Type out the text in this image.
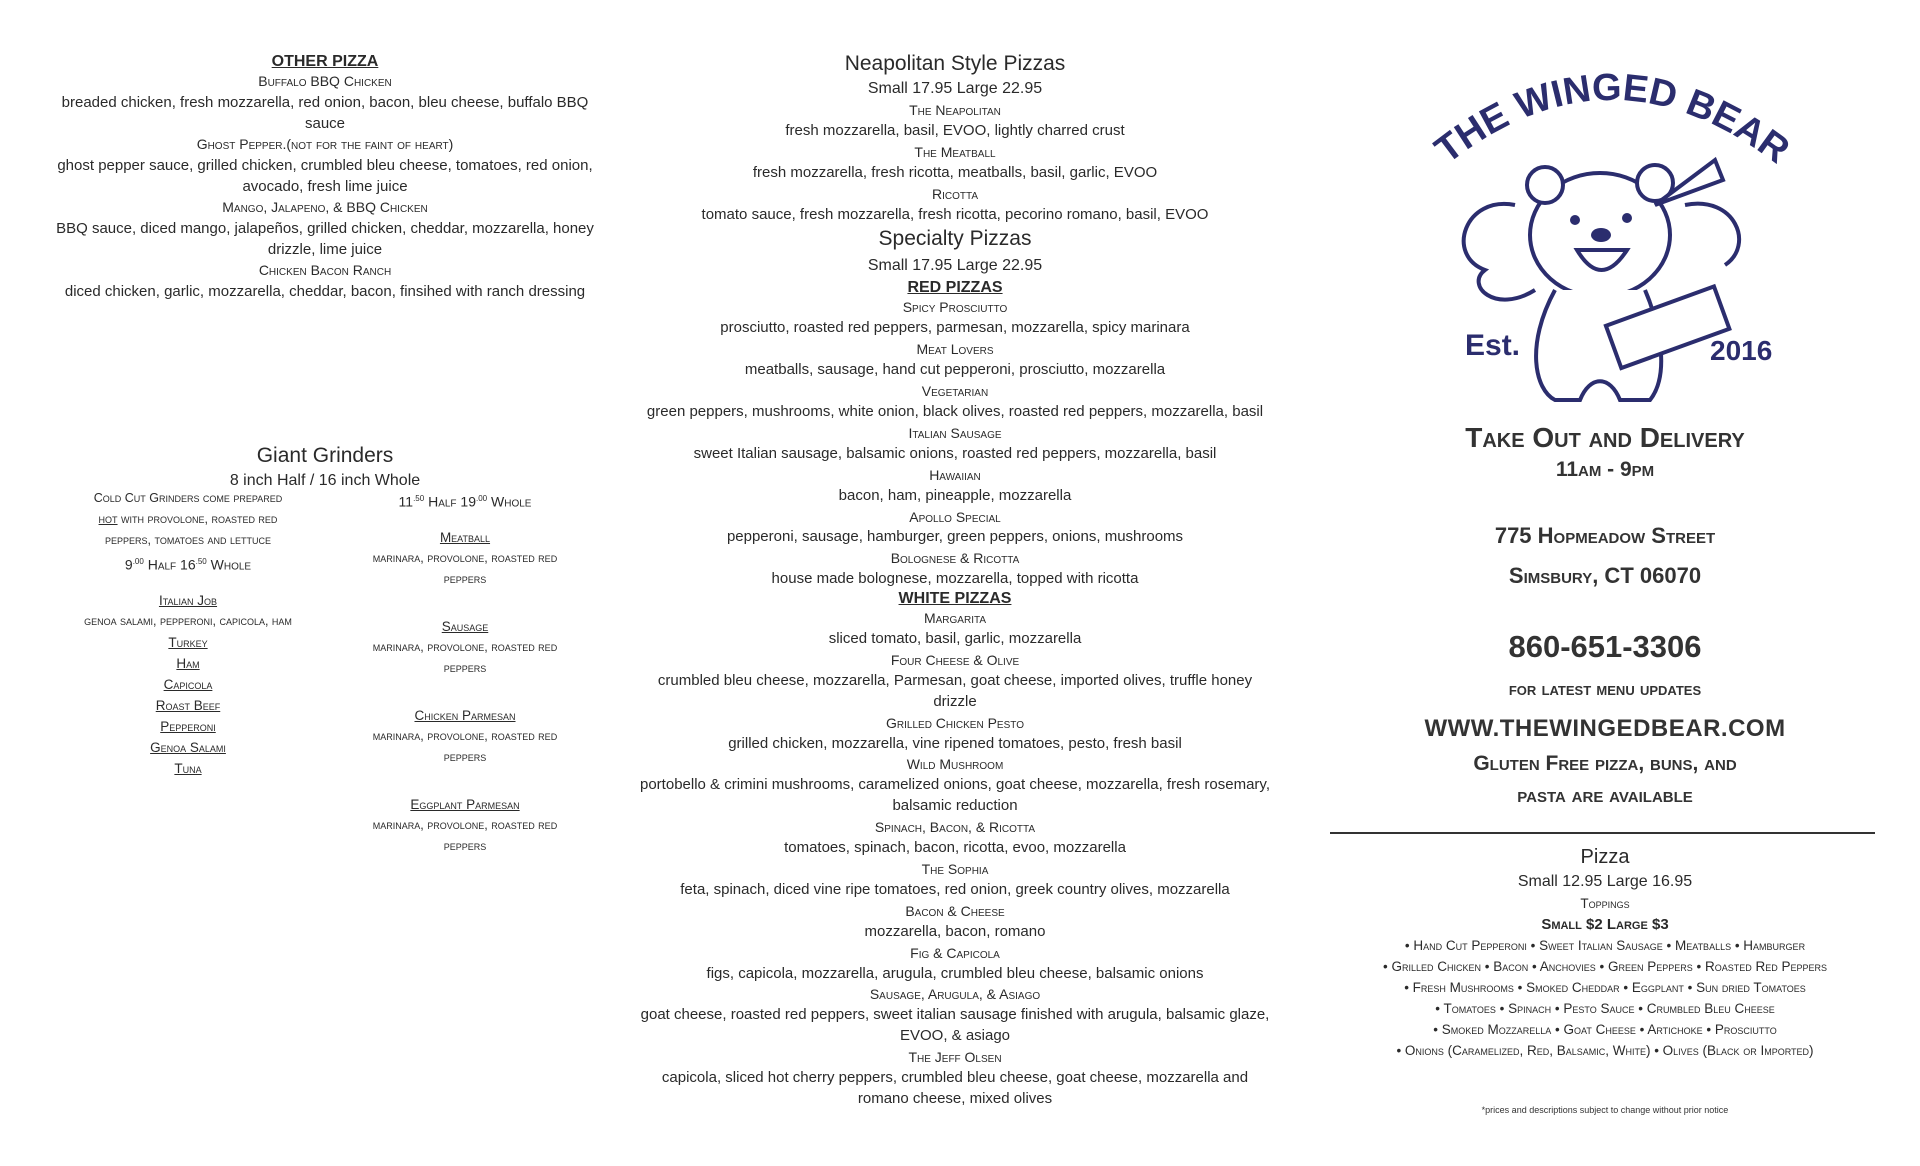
OTHER PIZZA
Buffalo BBQ Chicken
breaded chicken, fresh mozzarella, red onion, bacon, bleu cheese, buffalo BBQ sauce
Ghost Pepper.(not for the faint of heart)
ghost pepper sauce, grilled chicken, crumbled bleu cheese, tomatoes, red onion, avocado, fresh lime juice
Mango, Jalapeno, & BBQ Chicken
BBQ sauce, diced mango, jalapeños, grilled chicken, cheddar, mozzarella, honey drizzle, lime juice
Chicken Bacon Ranch
diced chicken, garlic, mozzarella, cheddar, bacon, finsihed with ranch dressing
Giant Grinders
8 inch Half / 16 inch Whole
Cold Cut Grinders come prepared
hot with provolone, roasted red
peppers, tomatoes and lettuce
$9^{.00}$ Half $16^{.50}$ Whole
Italian Job
genoa salami, pepperoni, capicola, ham
Turkey
Ham
Capicola
Roast Beef
Pepperoni
Genoa Salami
Tuna
$11^{.50}$ Half $19^{.00}$ Whole
Meatball
marinara, provolone, roasted red
peppers
Sausage
marinara, provolone, roasted red
peppers
Chicken Parmesan
marinara, provolone, roasted red
peppers
Eggplant Parmesan
marinara, provolone, roasted red
peppers
Neapolitan Style Pizzas
Small 17.95 Large 22.95
The Neapolitan
fresh mozzarella, basil, EVOO, lightly charred crust
The Meatball
fresh mozzarella, fresh ricotta, meatballs, basil, garlic, EVOO
Ricotta
tomato sauce, fresh mozzarella, fresh ricotta, pecorino romano, basil, EVOO
Specialty Pizzas
Small 17.95 Large 22.95
RED PIZZAS
Spicy Prosciutto
prosciutto, roasted red peppers, parmesan, mozzarella, spicy marinara
Meat Lovers
meatballs, sausage, hand cut pepperoni, prosciutto, mozzarella
Vegetarian
green peppers, mushrooms, white onion, black olives, roasted red peppers, mozzarella, basil
Italian Sausage
sweet Italian sausage, balsamic onions, roasted red peppers, mozzarella, basil
Hawaiian
bacon, ham, pineapple, mozzarella
Apollo Special
pepperoni, sausage, hamburger, green peppers, onions, mushrooms
Bolognese & Ricotta
house made bolognese, mozzarella, topped with ricotta
WHITE PIZZAS
Margarita
sliced tomato, basil, garlic, mozzarella
Four Cheese & Olive
crumbled bleu cheese, mozzarella, Parmesan, goat cheese, imported olives, truffle honey drizzle
Grilled Chicken Pesto
grilled chicken, mozzarella, vine ripened tomatoes, pesto, fresh basil
Wild Mushroom
portobello & crimini mushrooms, caramelized onions, goat cheese, mozzarella, fresh rosemary, balsamic reduction
Spinach, Bacon, & Ricotta
tomatoes, spinach, bacon, ricotta, evoo, mozzarella
The Sophia
feta, spinach, diced vine ripe tomatoes, red onion, greek country olives, mozzarella
Bacon & Cheese
mozzarella, bacon, romano
Fig & Capicola
figs, capicola, mozzarella, arugula, crumbled bleu cheese, balsamic onions
Sausage, Arugula, & Asiago
goat cheese, roasted red peppers, sweet italian sausage finished with arugula, balsamic glaze, EVOO, & asiago
The Jeff Olsen
capicola, sliced hot cherry peppers, crumbled bleu cheese, goat cheese, mozzarella and romano cheese, mixed olives
THE WINGED BEAR
Est.	2016
Take Out and Delivery
11am - 9pm
775 Hopmeadow Street
Simsbury, CT 06070
860-651-3306
for latest menu updates
WWW.THEWINGEDBEAR.COM
Gluten Free pizza, buns, and
pasta are available
Pizza
Small 12.95 Large 16.95
Toppings
Small $2 Large $3
• Hand Cut Pepperoni • Sweet Italian Sausage • Meatballs • Hamburger
• Grilled Chicken • Bacon • Anchovies • Green Peppers • Roasted Red Peppers
• Fresh Mushrooms • Smoked Cheddar • Eggplant • Sun dried Tomatoes
• Tomatoes • Spinach • Pesto Sauce • Crumbled Bleu Cheese
• Smoked Mozzarella • Goat Cheese • Artichoke • Prosciutto
• Onions (Caramelized, Red, Balsamic, White) • Olives (Black or Imported)
*prices and descriptions subject to change without prior notice
